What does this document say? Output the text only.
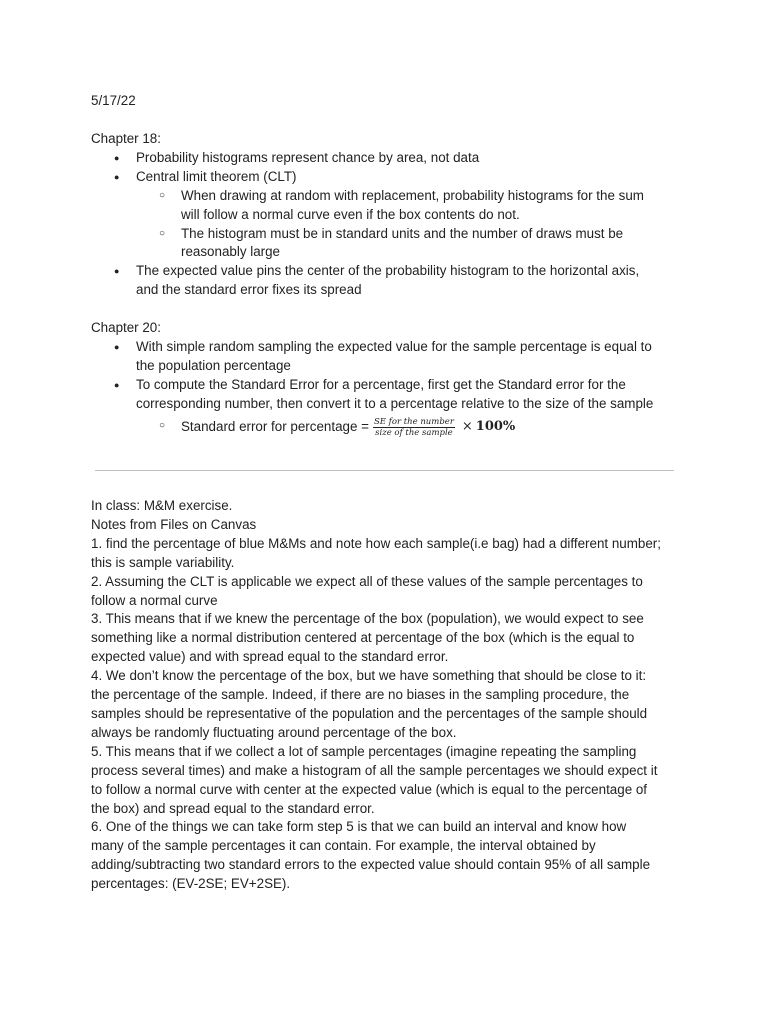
5/17/22
Chapter 18:
● Probability histograms represent chance by area, not data
● Central limit theorem (CLT)
○ When drawing at random with replacement, probability histograms for the sum
will follow a normal curve even if the box contents do not.
○ The histogram must be in standard units and the number of draws must be
reasonably large
● The expected value pins the center of the probability histogram to the horizontal axis,
and the standard error fixes its spread
Chapter 20:
● With simple random sampling the expected value for the sample percentage is equal to
the population percentage
● To compute the Standard Error for a percentage, first get the Standard error for the
corresponding number, then convert it to a percentage relative to the size of the sample
○ Standard error for percentage = $\frac{\text{SE for the number}}{\text{size of the sample}} \times 100\%$
In class: M&M exercise.
Notes from Files on Canvas
1. find the percentage of blue M&Ms and note how each sample(i.e bag) had a different number;
this is sample variability.
2. Assuming the CLT is applicable we expect all of these values of the sample percentages to
follow a normal curve
3. This means that if we knew the percentage of the box (population), we would expect to see
something like a normal distribution centered at percentage of the box (which is the equal to
expected value) and with spread equal to the standard error.
4. We don’t know the percentage of the box, but we have something that should be close to it:
the percentage of the sample. Indeed, if there are no biases in the sampling procedure, the
samples should be representative of the population and the percentages of the sample should
always be randomly fluctuating around percentage of the box.
5. This means that if we collect a lot of sample percentages (imagine repeating the sampling
process several times) and make a histogram of all the sample percentages we should expect it
to follow a normal curve with center at the expected value (which is equal to the percentage of
the box) and spread equal to the standard error.
6. One of the things we can take form step 5 is that we can build an interval and know how
many of the sample percentages it can contain. For example, the interval obtained by
adding/subtracting two standard errors to the expected value should contain 95% of all sample
percentages: (EV-2SE; EV+2SE).
